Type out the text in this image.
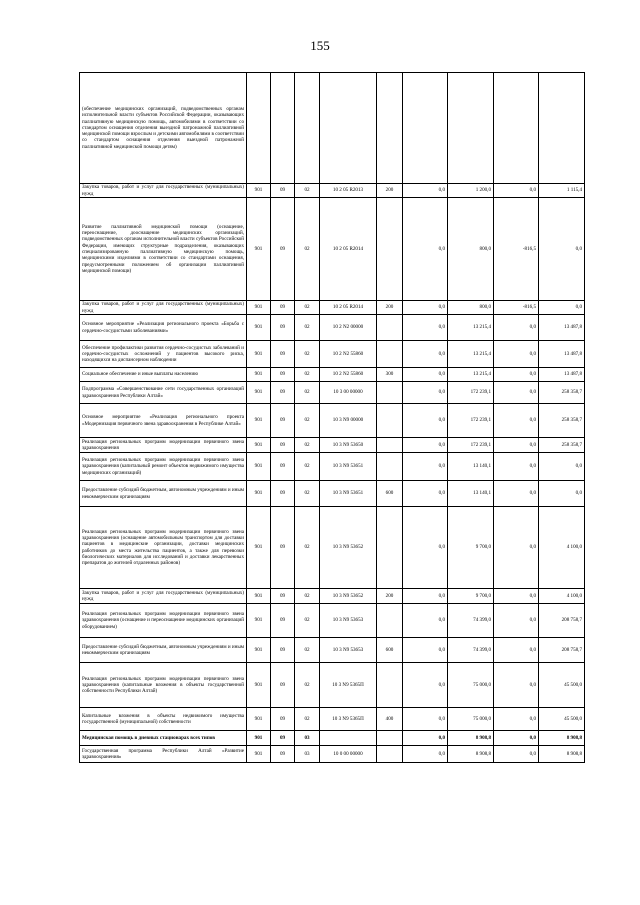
155
(обеспечение медицинских организаций, подведомственных органам исполнительной власти субъектов Российской Федерации, оказывающих паллиативную медицинскую помощь, автомобилями в соответствии со стандартом оснащения отделения выездной патронажной паллиативной медицинской помощи взрослым и детскими автомобилями в соответствии со стандартом оснащения отделения выездной патронажной паллиативной медицинской помощи детям)									
Закупка товаров, работ и услуг для государственных (муниципальных) нужд	901	09	02	10 2 05 R2013	200	0,0	1 200,0	0,0	1 115,4
Развитие паллиативной медицинской помощи (оснащение, переоснащение, дооснащение медицинских организаций, подведомственных органам исполнительной власти субъектов Российской Федерации, имеющих структурные подразделения, оказывающих специализированную паллиативную медицинскую помощь, медицинскими изделиями в соответствии со стандартами оснащения, предусмотренными положением об организации паллиативной медицинской помощи)	901	09	02	10 2 05 R2014		0,0	800,0	-816,5	0,0
Закупка товаров, работ и услуг для государственных (муниципальных) нужд	901	09	02	10 2 05 R2014	200	0,0	800,0	-816,5	0,0
Основное мероприятие «Реализация регионального проекта «Борьба с сердечно-сосудистыми заболеваниями»	901	09	02	10 2 N2 00000		0,0	13 215,4	0,0	13 487,8
Обеспечение профилактики развития сердечно-сосудистых заболеваний и сердечно-сосудистых осложнений у пациентов высокого риска, находящихся на диспансерном наблюдении	901	09	02	10 2 N2 55860		0,0	13 215,4	0,0	13 487,8
Социальное обеспечение и иные выплаты населению	901	09	02	10 2 N2 55860	300	0,0	13 215,4	0,0	13 487,8
Подпрограмма «Совершенствование сети государственных организаций здравоохранения Республики Алтай»	901	09	02	10 3 00 00000		0,0	172 239,1	0,0	258 358,7
Основное мероприятие «Реализация регионального проекта «Модернизация первичного звена здравоохранения в Республике Алтай»	901	09	02	10 3 N9 00000		0,0	172 239,1	0,0	258 358,7
Реализация региональных программ модернизации первичного звена здравоохранения	901	09	02	10 3 N9 53650		0,0	172 239,1	0,0	258 358,7
Реализация региональных программ модернизации первичного звена здравоохранения (капитальный ремонт объектов недвижимого имущества медицинских организаций)	901	09	02	10 3 N9 53651		0,0	13 140,1	0,0	0,0
Предоставление субсидий бюджетным, автономным учреждениям и иным некоммерческим организациям	901	09	02	10 3 N9 53651	600	0,0	13 140,1	0,0	0,0
Реализация региональных программ модернизации первичного звена здравоохранения (оснащение автомобильным транспортом для доставки пациентов в медицинские организации, доставки медицинских работников до места жительства пациентов, а также для перевозки биологических материалов для исследований и доставки лекарственных препаратов до жителей отдаленных районов)	901	09	02	10 3 N9 53652		0,0	9 700,0	0,0	4 100,0
Закупка товаров, работ и услуг для государственных (муниципальных) нужд	901	09	02	10 3 N9 53652	200	0,0	9 700,0	0,0	4 100,0
Реализация региональных программ модернизации первичного звена здравоохранения (оснащение и переоснащение медицинских организаций оборудованием)	901	09	02	10 3 N9 53653		0,0	74 399,0	0,0	208 758,7
Предоставление субсидий бюджетным, автономным учреждениям и иным некоммерческим организациям	901	09	02	10 3 N9 53653	600	0,0	74 399,0	0,0	208 758,7
Реализация региональных программ модернизации первичного звена здравоохранения (капитальные вложения в объекты государственной собственности Республики Алтай)	901	09	02	10 3 N9 5365П		0,0	75 000,0	0,0	45 500,0
Капитальные вложения в объекты недвижимого имущества государственной (муниципальной) собственности	901	09	02	10 3 N9 5365П	400	0,0	75 000,0	0,0	45 500,0
Медицинская помощь в дневных стационарах всех типов	901	09	03			0,0	8 908,8	0,0	8 908,8
Государственная программа Республики Алтай «Развитие здравоохранения»	901	09	03	10 0 00 00000		0,0	8 908,8	0,0	8 908,8
